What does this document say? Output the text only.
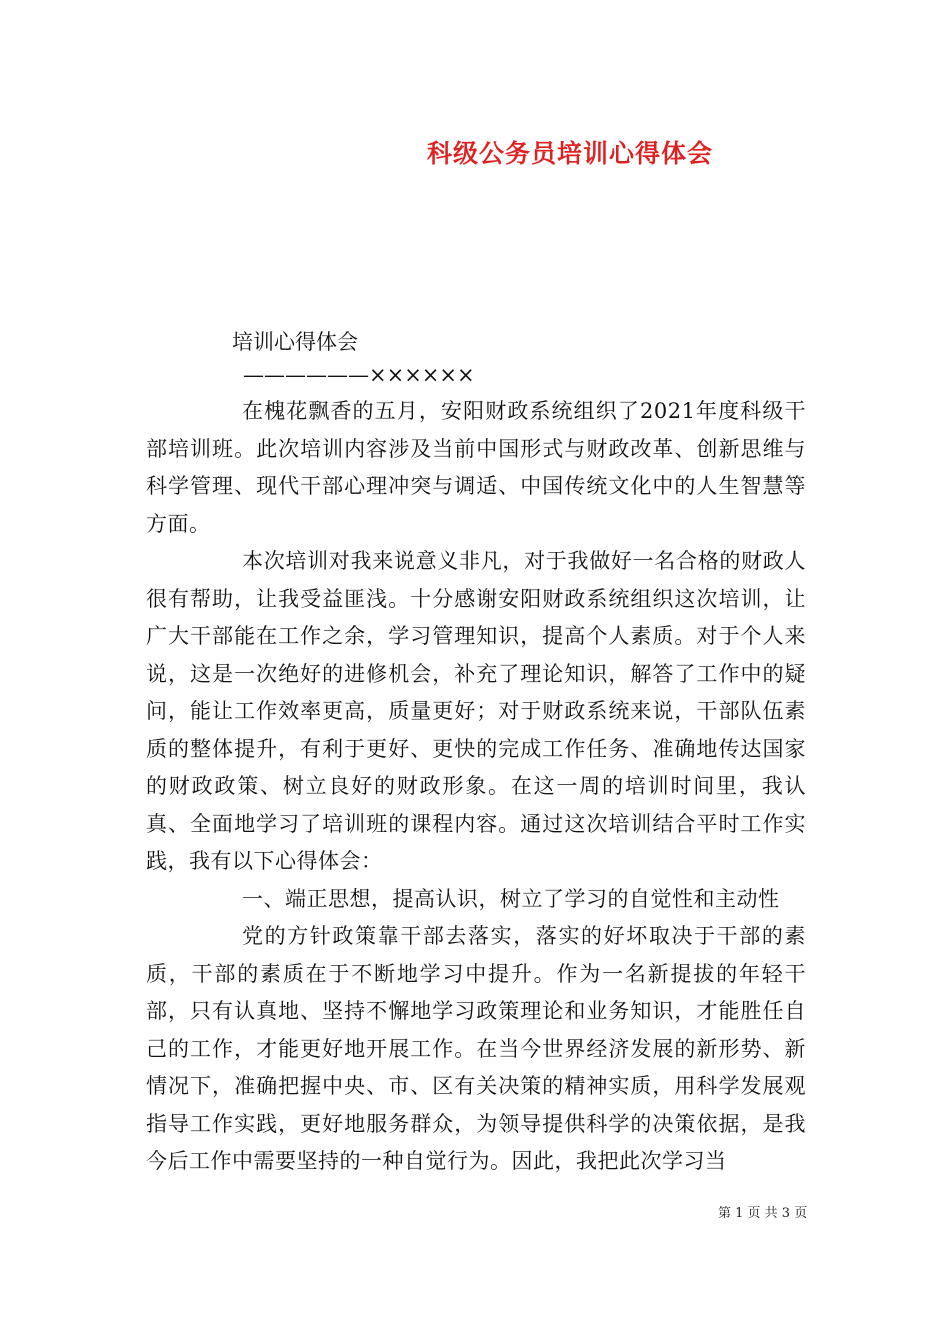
科级公务员培训心得体会
培训心得体会
——————××××××

在槐花飘香的五月，安阳财政系统组织了2021年度科级干部培训班。此次培训内容涉及当前中国形式与财政改革、创新思维与科学管理、现代干部心理冲突与调适、中国传统文化中的人生智慧等方面。

本次培训对我来说意义非凡，对于我做好一名合格的财政人很有帮助，让我受益匪浅。十分感谢安阳财政系统组织这次培训，让广大干部能在工作之余，学习管理知识，提高个人素质。对于个人来说，这是一次绝好的进修机会，补充了理论知识，解答了工作中的疑问，能让工作效率更高，质量更好；对于财政系统来说，干部队伍素质的整体提升，有利于更好、更快的完成工作任务、准确地传达国家的财政政策、树立良好的财政形象。在这一周的培训时间里，我认真、全面地学习了培训班的课程内容。通过这次培训结合平时工作实践，我有以下心得体会：

一、端正思想，提高认识，树立了学习的自觉性和主动性

党的方针政策靠干部去落实，落实的好坏取决于干部的素质，干部的素质在于不断地学习中提升。作为一名新提拔的年轻干部，只有认真地、坚持不懈地学习政策理论和业务知识，才能胜任自己的工作，才能更好地开展工作。在当今世界经济发展的新形势、新情况下，准确把握中央、市、区有关决策的精神实质，用科学发展观指导工作实践，更好地服务群众，为领导提供科学的决策依据，是我今后工作中需要坚持的一种自觉行为。因此，我把此次学习当

第 1 页 共 3 页
